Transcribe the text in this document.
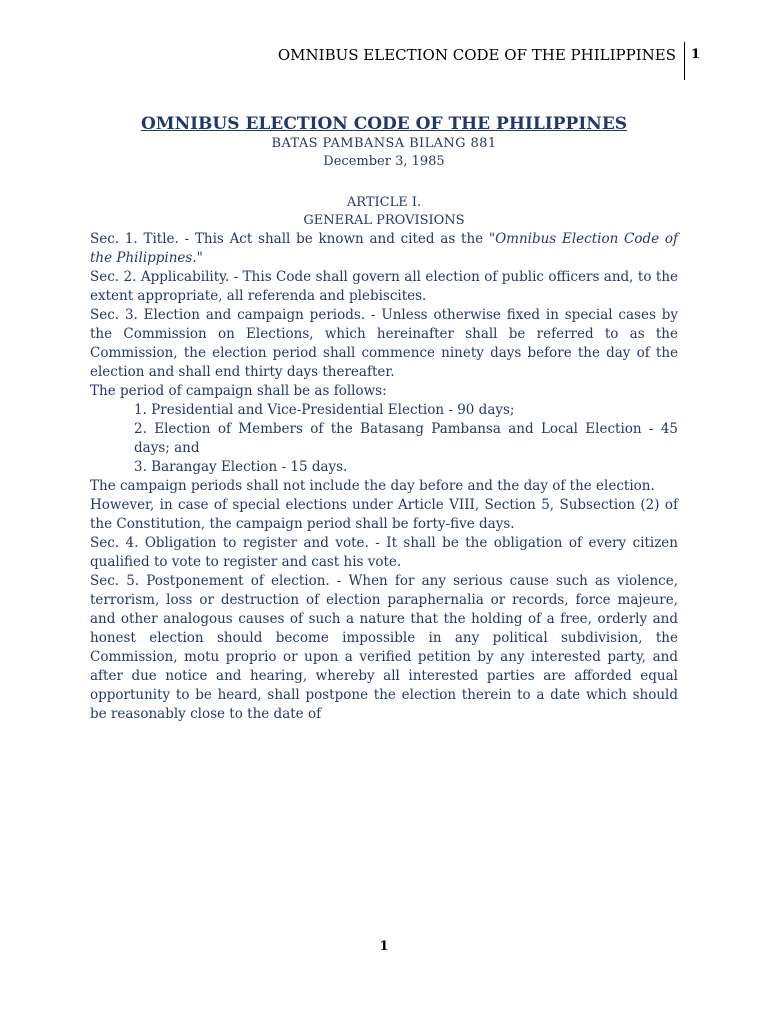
OMNIBUS ELECTION CODE OF THE PHILIPPINES 1
OMNIBUS ELECTION CODE OF THE PHILIPPINES

BATAS PAMBANSA BILANG 881

December 3, 1985

ARTICLE I.

GENERAL PROVISIONS

Sec. 1. Title. - This Act shall be known and cited as the "Omnibus Election Code of the Philippines."

Sec. 2. Applicability. - This Code shall govern all election of public officers and, to the extent appropriate, all referenda and plebiscites.

Sec. 3. Election and campaign periods. - Unless otherwise fixed in special cases by the Commission on Elections, which hereinafter shall be referred to as the Commission, the election period shall commence ninety days before the day of the election and shall end thirty days thereafter.

The period of campaign shall be as follows:

1. Presidential and Vice-Presidential Election - 90 days;

2. Election of Members of the Batasang Pambansa and Local Election - 45 days; and

3. Barangay Election - 15 days.

The campaign periods shall not include the day before and the day of the election.

However, in case of special elections under Article VIII, Section 5, Subsection (2) of the Constitution, the campaign period shall be forty-five days.

Sec. 4. Obligation to register and vote. - It shall be the obligation of every citizen qualified to vote to register and cast his vote.

Sec. 5. Postponement of election. - When for any serious cause such as violence, terrorism, loss or destruction of election paraphernalia or records, force majeure, and other analogous causes of such a nature that the holding of a free, orderly and honest election should become impossible in any political subdivision, the Commission, motu proprio or upon a verified petition by any interested party, and after due notice and hearing, whereby all interested parties are afforded equal opportunity to be heard, shall postpone the election therein to a date which should be reasonably close to the date of

1
